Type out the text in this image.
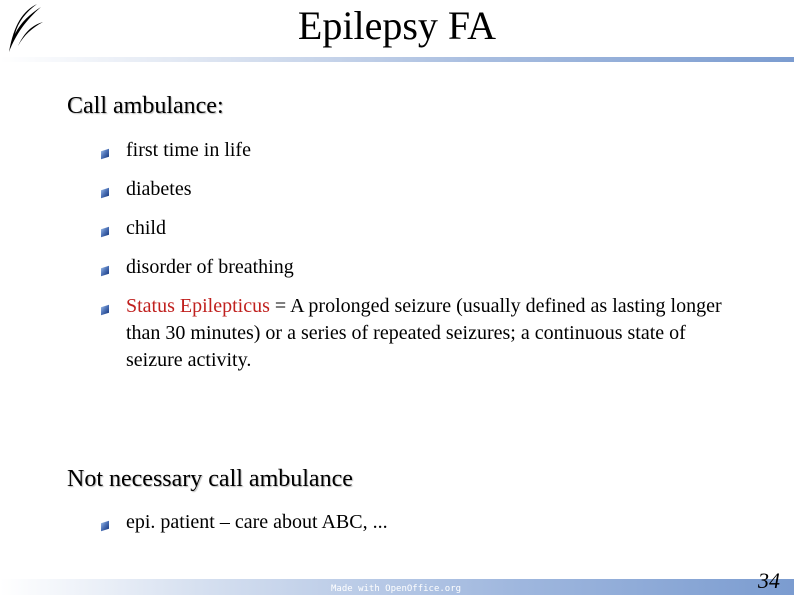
Epilepsy FA
Call ambulance:
first time in life
diabetes
child
disorder of breathing
Status Epilepticus = A prolonged seizure (usually defined as lasting longer than 30 minutes) or a series of repeated seizures; a continuous state of seizure activity.
Not necessary call ambulance
epi. patient – care about ABC, ...
Made with OpenOffice.org	34
